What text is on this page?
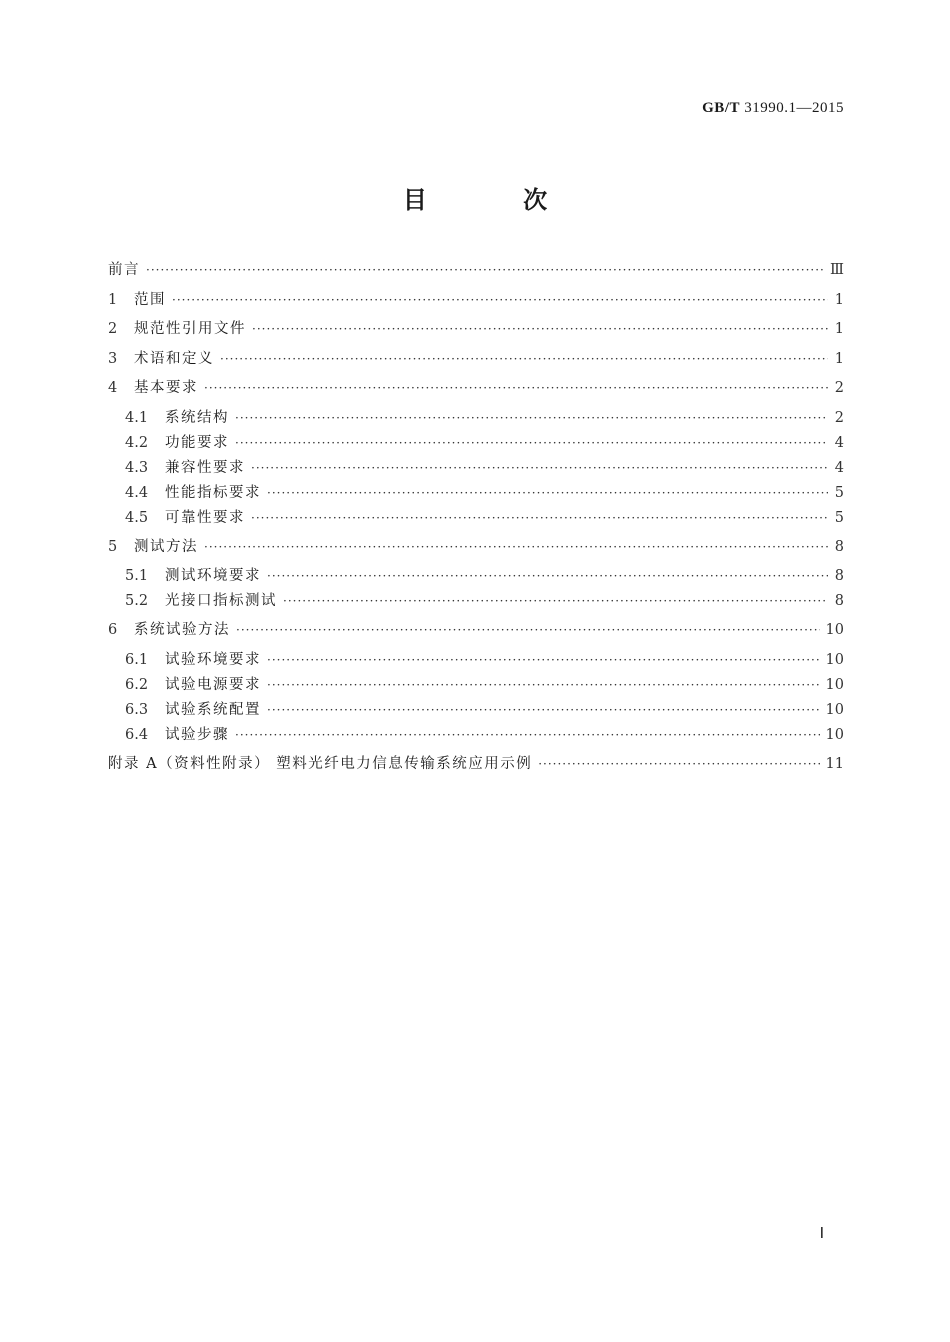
GB/T 31990.1—2015
目 次
前言 ·····	Ⅲ
1	范围 ·····	1
2	规范性引用文件 ·····	1
3	术语和定义 ·····	1
4	基本要求 ·····	2
4.1	系统结构 ·····	2
4.2	功能要求 ·····	4
4.3	兼容性要求 ·····	4
4.4	性能指标要求 ·····	5
4.5	可靠性要求 ·····	5
5	测试方法 ·····	8
5.1	测试环境要求 ·····	8
5.2	光接口指标测试 ·····	8
6	系统试验方法 ·····	10
6.1	试验环境要求 ·····	10
6.2	试验电源要求 ·····	10
6.3	试验系统配置 ·····	10
6.4	试验步骤 ·····	10
附录 A（资料性附录） 塑料光纤电力信息传输系统应用示例 ·····	11
Ⅰ
